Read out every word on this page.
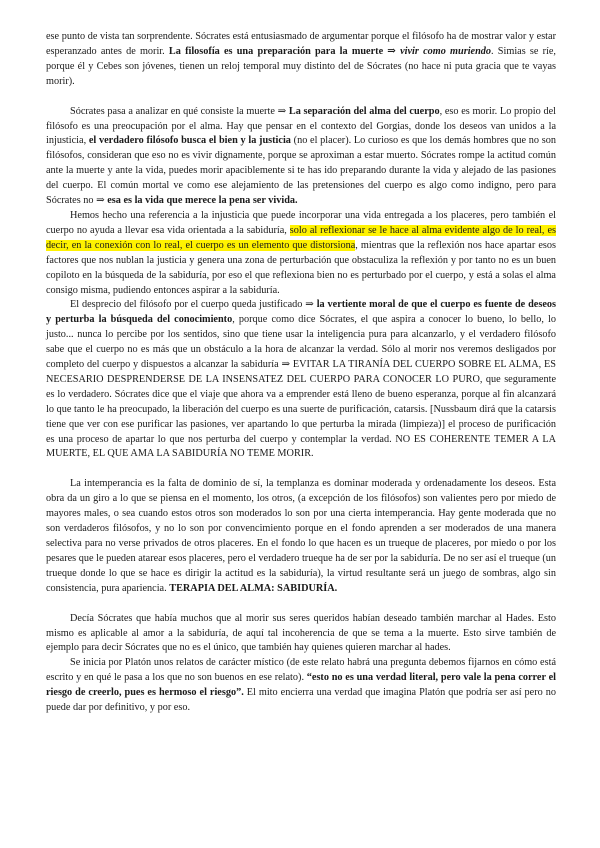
ese punto de vista tan sorprendente. Sócrates está entusiasmado de argumentar porque el filósofo ha de mostrar valor y estar esperanzado antes de morir. La filosofía es una preparación para la muerte ⇒ vivir como muriendo. Simias se ríe, porque él y Cebes son jóvenes, tienen un reloj temporal muy distinto del de Sócrates (no hace ni puta gracia que te vayas morir).

Sócrates pasa a analizar en qué consiste la muerte ⇒ La separación del alma del cuerpo, eso es morir. Lo propio del filósofo es una preocupación por el alma. Hay que pensar en el contexto del Gorgias, donde los deseos van unidos a la injusticia, el verdadero filósofo busca el bien y la justicia (no el placer). Lo curioso es que los demás hombres que no son filósofos, consideran que eso no es vivir dignamente, porque se aproximan a estar muerto. Sócrates rompe la actitud común ante la muerte y ante la vida, puedes morir apaciblemente si te has ido preparando durante la vida y alejado de las pasiones del cuerpo. El común mortal ve como ese alejamiento de las pretensiones del cuerpo es algo como indigno, pero para Sócrates no ⇒ esa es la vida que merece la pena ser vivida.

Hemos hecho una referencia a la injusticia que puede incorporar una vida entregada a los placeres, pero también el cuerpo no ayuda a llevar esa vida orientada a la sabiduría, solo al reflexionar se le hace al alma evidente algo de lo real, es decir, en la conexión con lo real, el cuerpo es un elemento que distorsiona, mientras que la reflexión nos hace apartar esos factores que nos nublan la justicia y genera una zona de perturbación que obstaculiza la reflexión y por tanto no es un buen copiloto en la búsqueda de la sabiduría, por eso el que reflexiona bien no es perturbado por el cuerpo, y está a solas el alma consigo misma, pudiendo entonces aspirar a la sabiduría.

El desprecio del filósofo por el cuerpo queda justificado ⇒ la vertiente moral de que el cuerpo es fuente de deseos y perturba la búsqueda del conocimiento, porque como dice Sócrates, el que aspira a conocer lo bueno, lo bello, lo justo... nunca lo percibe por los sentidos, sino que tiene usar la inteligencia pura para alcanzarlo, y el verdadero filósofo sabe que el cuerpo no es más que un obstáculo a la hora de alcanzar la verdad. Sólo al morir nos veremos desligados por completo del cuerpo y dispuestos a alcanzar la sabiduría ⇒ EVITAR LA TIRANÍA DEL CUERPO SOBRE EL ALMA, ES NECESARIO DESPRENDERSE DE LA INSENSATEZ DEL CUERPO PARA CONOCER LO PURO, que seguramente es lo verdadero. Sócrates dice que el viaje que ahora va a emprender está lleno de bueno esperanza, porque al fin alcanzará lo que tanto le ha preocupado, la liberación del cuerpo es una suerte de purificación, catarsis. [Nussbaum dirá que la catarsis tiene que ver con ese purificar las pasiones, ver apartando lo que perturba la mirada (limpieza)] el proceso de purificación es una proceso de apartar lo que nos perturba del cuerpo y contemplar la verdad. NO ES COHERENTE TEMER A LA MUERTE, EL QUE AMA LA SABIDURÍA NO TEME MORIR.

La intemperancia es la falta de dominio de sí, la templanza es dominar moderada y ordenadamente los deseos. Esta obra da un giro a lo que se piensa en el momento, los otros, (a excepción de los filósofos) son valientes pero por miedo de mayores males, o sea cuando estos otros son moderados lo son por una cierta intemperancia. Hay gente moderada que no son verdaderos filósofos, y no lo son por convencimiento porque en el fondo aprenden a ser moderados de una manera selectiva para no verse privados de otros placeres. En el fondo lo que hacen es un trueque de placeres, por miedo o por los pesares que le pueden atarear esos placeres, pero el verdadero trueque ha de ser por la sabiduría. De no ser así el trueque (un trueque donde lo que se hace es dirigir la actitud es la sabiduría), la virtud resultante será un juego de sombras, algo sin consistencia, pura apariencia. TERAPIA DEL ALMA: SABIDURÍA.

Decía Sócrates que había muchos que al morir sus seres queridos habían deseado también marchar al Hades. Esto mismo es aplicable al amor a la sabiduría, de aquí tal incoherencia de que se tema a la muerte. Esto sirve también de ejemplo para decir Sócrates que no es el único, que también hay quienes quieren marchar al hades.

Se inicia por Platón unos relatos de carácter místico (de este relato habrá una pregunta debemos fijarnos en cómo está escrito y en qué le pasa a los que no son buenos en ese relato). “esto no es una verdad literal, pero vale la pena correr el riesgo de creerlo, pues es hermoso el riesgo”. El mito encierra una verdad que imagina Platón que podría ser así pero no puede dar por definitivo, y por eso.
